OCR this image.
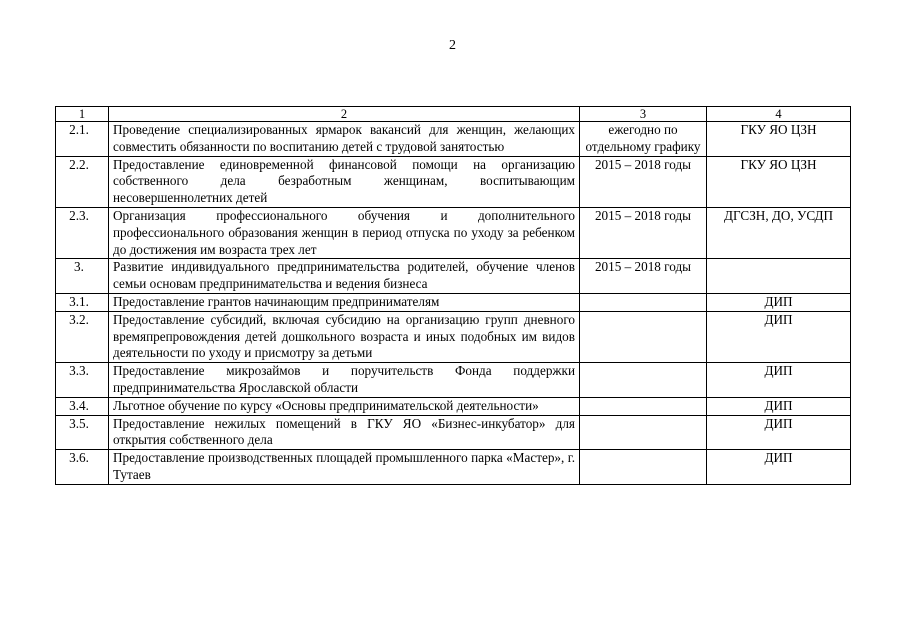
2
1	2	3	4
2.1.	Проведение специализированных ярмарок вакансий для женщин, желающих совместить обязанности по воспитанию детей с трудовой занятостью	ежегодно по отдельному графику	ГКУ ЯО ЦЗН
2.2.	Предоставление единовременной финансовой помощи на организацию собственного дела безработным женщинам, воспитывающим несовершеннолетних детей	2015 – 2018 годы	ГКУ ЯО ЦЗН
2.3.	Организация профессионального обучения и дополнительного профессионального образования женщин в период отпуска по уходу за ребенком до достижения им возраста трех лет	2015 – 2018 годы	ДГСЗН, ДО, УСДП
3.	Развитие индивидуального предпринимательства родителей, обучение членов семьи основам предпринимательства и ведения бизнеса	2015 – 2018 годы	
3.1.	Предоставление грантов начинающим предпринимателям		ДИП
3.2.	Предоставление субсидий, включая субсидию на организацию групп дневного времяпрепровождения детей дошкольного возраста и иных подобных им видов деятельности по уходу и присмотру за детьми		ДИП
3.3.	Предоставление микрозаймов и поручительств Фонда поддержки предпринимательства Ярославской области		ДИП
3.4.	Льготное обучение по курсу «Основы предпринимательской деятельности»		ДИП
3.5.	Предоставление нежилых помещений в ГКУ ЯО «Бизнес-инкубатор» для открытия собственного дела		ДИП
3.6.	Предоставление производственных площадей промышленного парка «Мастер», г. Тутаев		ДИП
